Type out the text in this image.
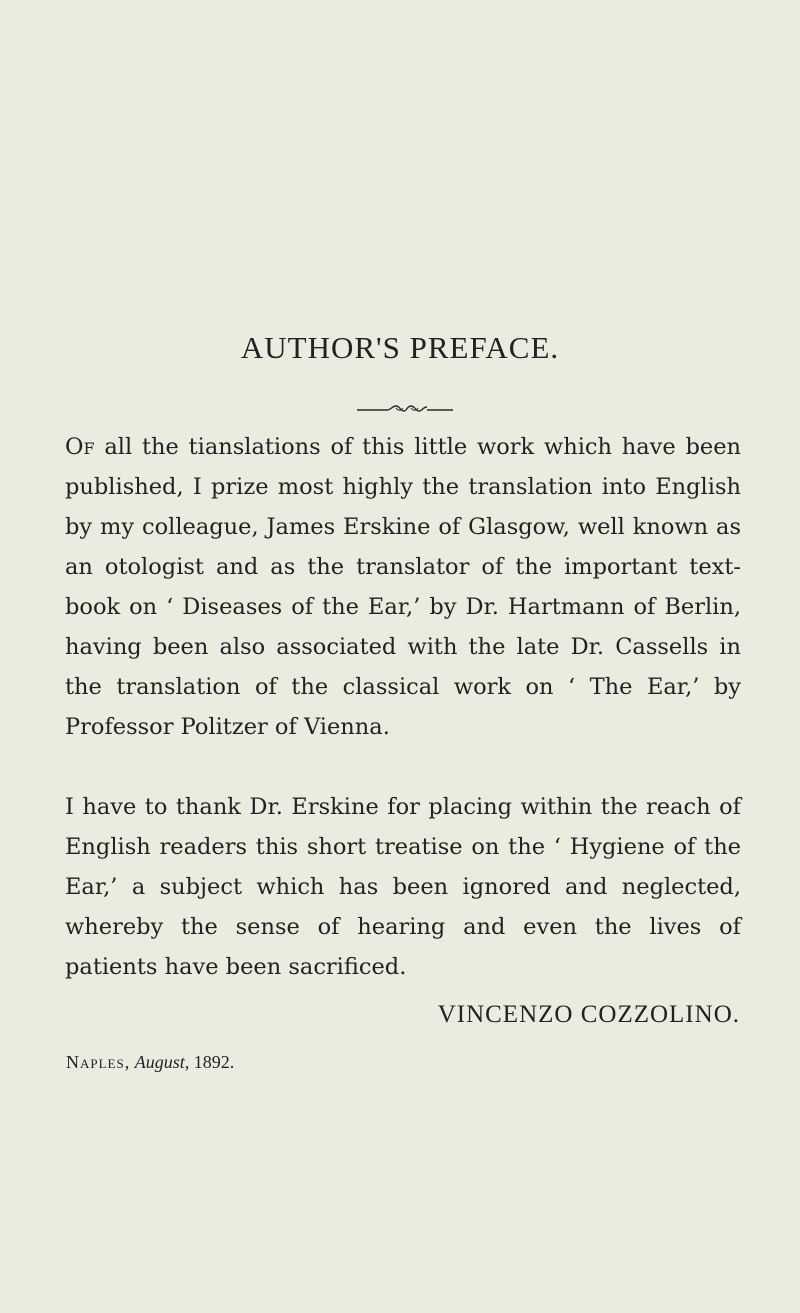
AUTHOR'S PREFACE.

Of all the tianslations of this little work which have been published, I prize most highly the translation into English by my colleague, James Erskine of Glasgow, well known as an otologist and as the translator of the important text-book on ‘ Diseases of the Ear,’ by Dr. Hartmann of Berlin, having been also associated with the late Dr. Cassells in the translation of the classical work on ‘ The Ear,’ by Professor Politzer of Vienna.

I have to thank Dr. Erskine for placing within the reach of English readers this short treatise on the ‘ Hygiene of the Ear,’ a subject which has been ignored and neglected, whereby the sense of hearing and even the lives of patients have been sacrificed.

VINCENZO COZZOLINO.
Naples, August, 1892.
